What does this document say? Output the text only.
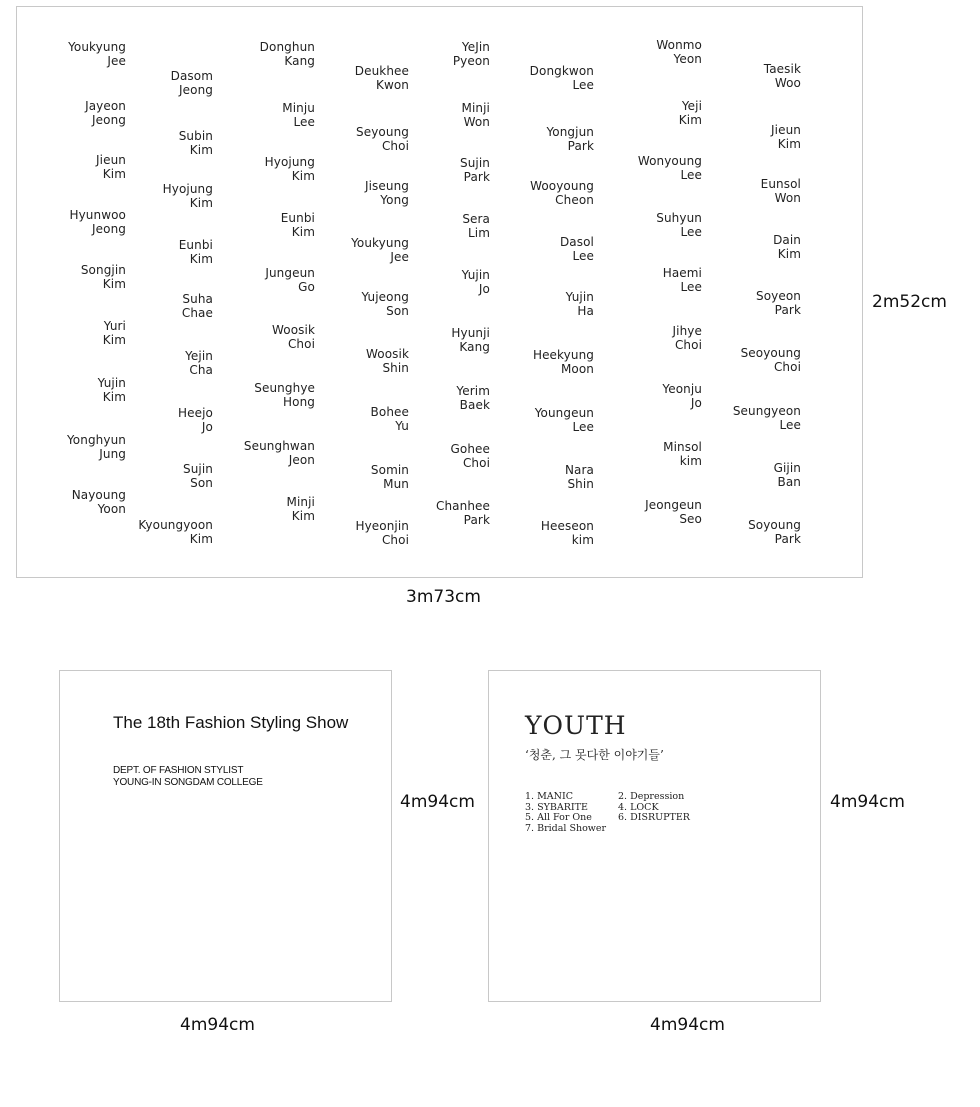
3m73cm
2m52cm
The 18th Fashion Styling Show
DEPT. OF FASHION STYLIST
YOUNG-IN SONGDAM COLLEGE
4m94cm
4m94cm
YOUTH
‘청춘, 그 못다한 이야기들’
1. MANIC	2. Depression
3. SYBARITE	4. LOCK
5. All For One	6. DISRUPTER
7. Bridal Shower
4m94cm
4m94cm
Youkyung
Jee
Jayeon
Jeong
Jieun
Kim
Hyunwoo
Jeong
Songjin
Kim
Yuri
Kim
Yujin
Kim
Yonghyun
Jung
Nayoung
Yoon
Dasom
Jeong
Subin
Kim
Hyojung
Kim
Eunbi
Kim
Suha
Chae
Yejin
Cha
Heejo
Jo
Sujin
Son
Kyoungyoon
Kim
Donghun
Kang
Minju
Lee
Hyojung
Kim
Eunbi
Kim
Jungeun
Go
Woosik
Choi
Seunghye
Hong
Seunghwan
Jeon
Minji
Kim
Deukhee
Kwon
Seyoung
Choi
Jiseung
Yong
Youkyung
Jee
Yujeong
Son
Woosik
Shin
Bohee
Yu
Somin
Mun
Hyeonjin
Choi
YeJin
Pyeon
Minji
Won
Sujin
Park
Sera
Lim
Yujin
Jo
Hyunji
Kang
Yerim
Baek
Gohee
Choi
Chanhee
Park
Dongkwon
Lee
Yongjun
Park
Wooyoung
Cheon
Dasol
Lee
Yujin
Ha
Heekyung
Moon
Youngeun
Lee
Nara
Shin
Heeseon
kim
Wonmo
Yeon
Yeji
Kim
Wonyoung
Lee
Suhyun
Lee
Haemi
Lee
Jihye
Choi
Yeonju
Jo
Minsol
kim
Jeongeun
Seo
Taesik
Woo
Jieun
Kim
Eunsol
Won
Dain
Kim
Soyeon
Park
Seoyoung
Choi
Seungyeon
Lee
Gijin
Ban
Soyoung
Park
